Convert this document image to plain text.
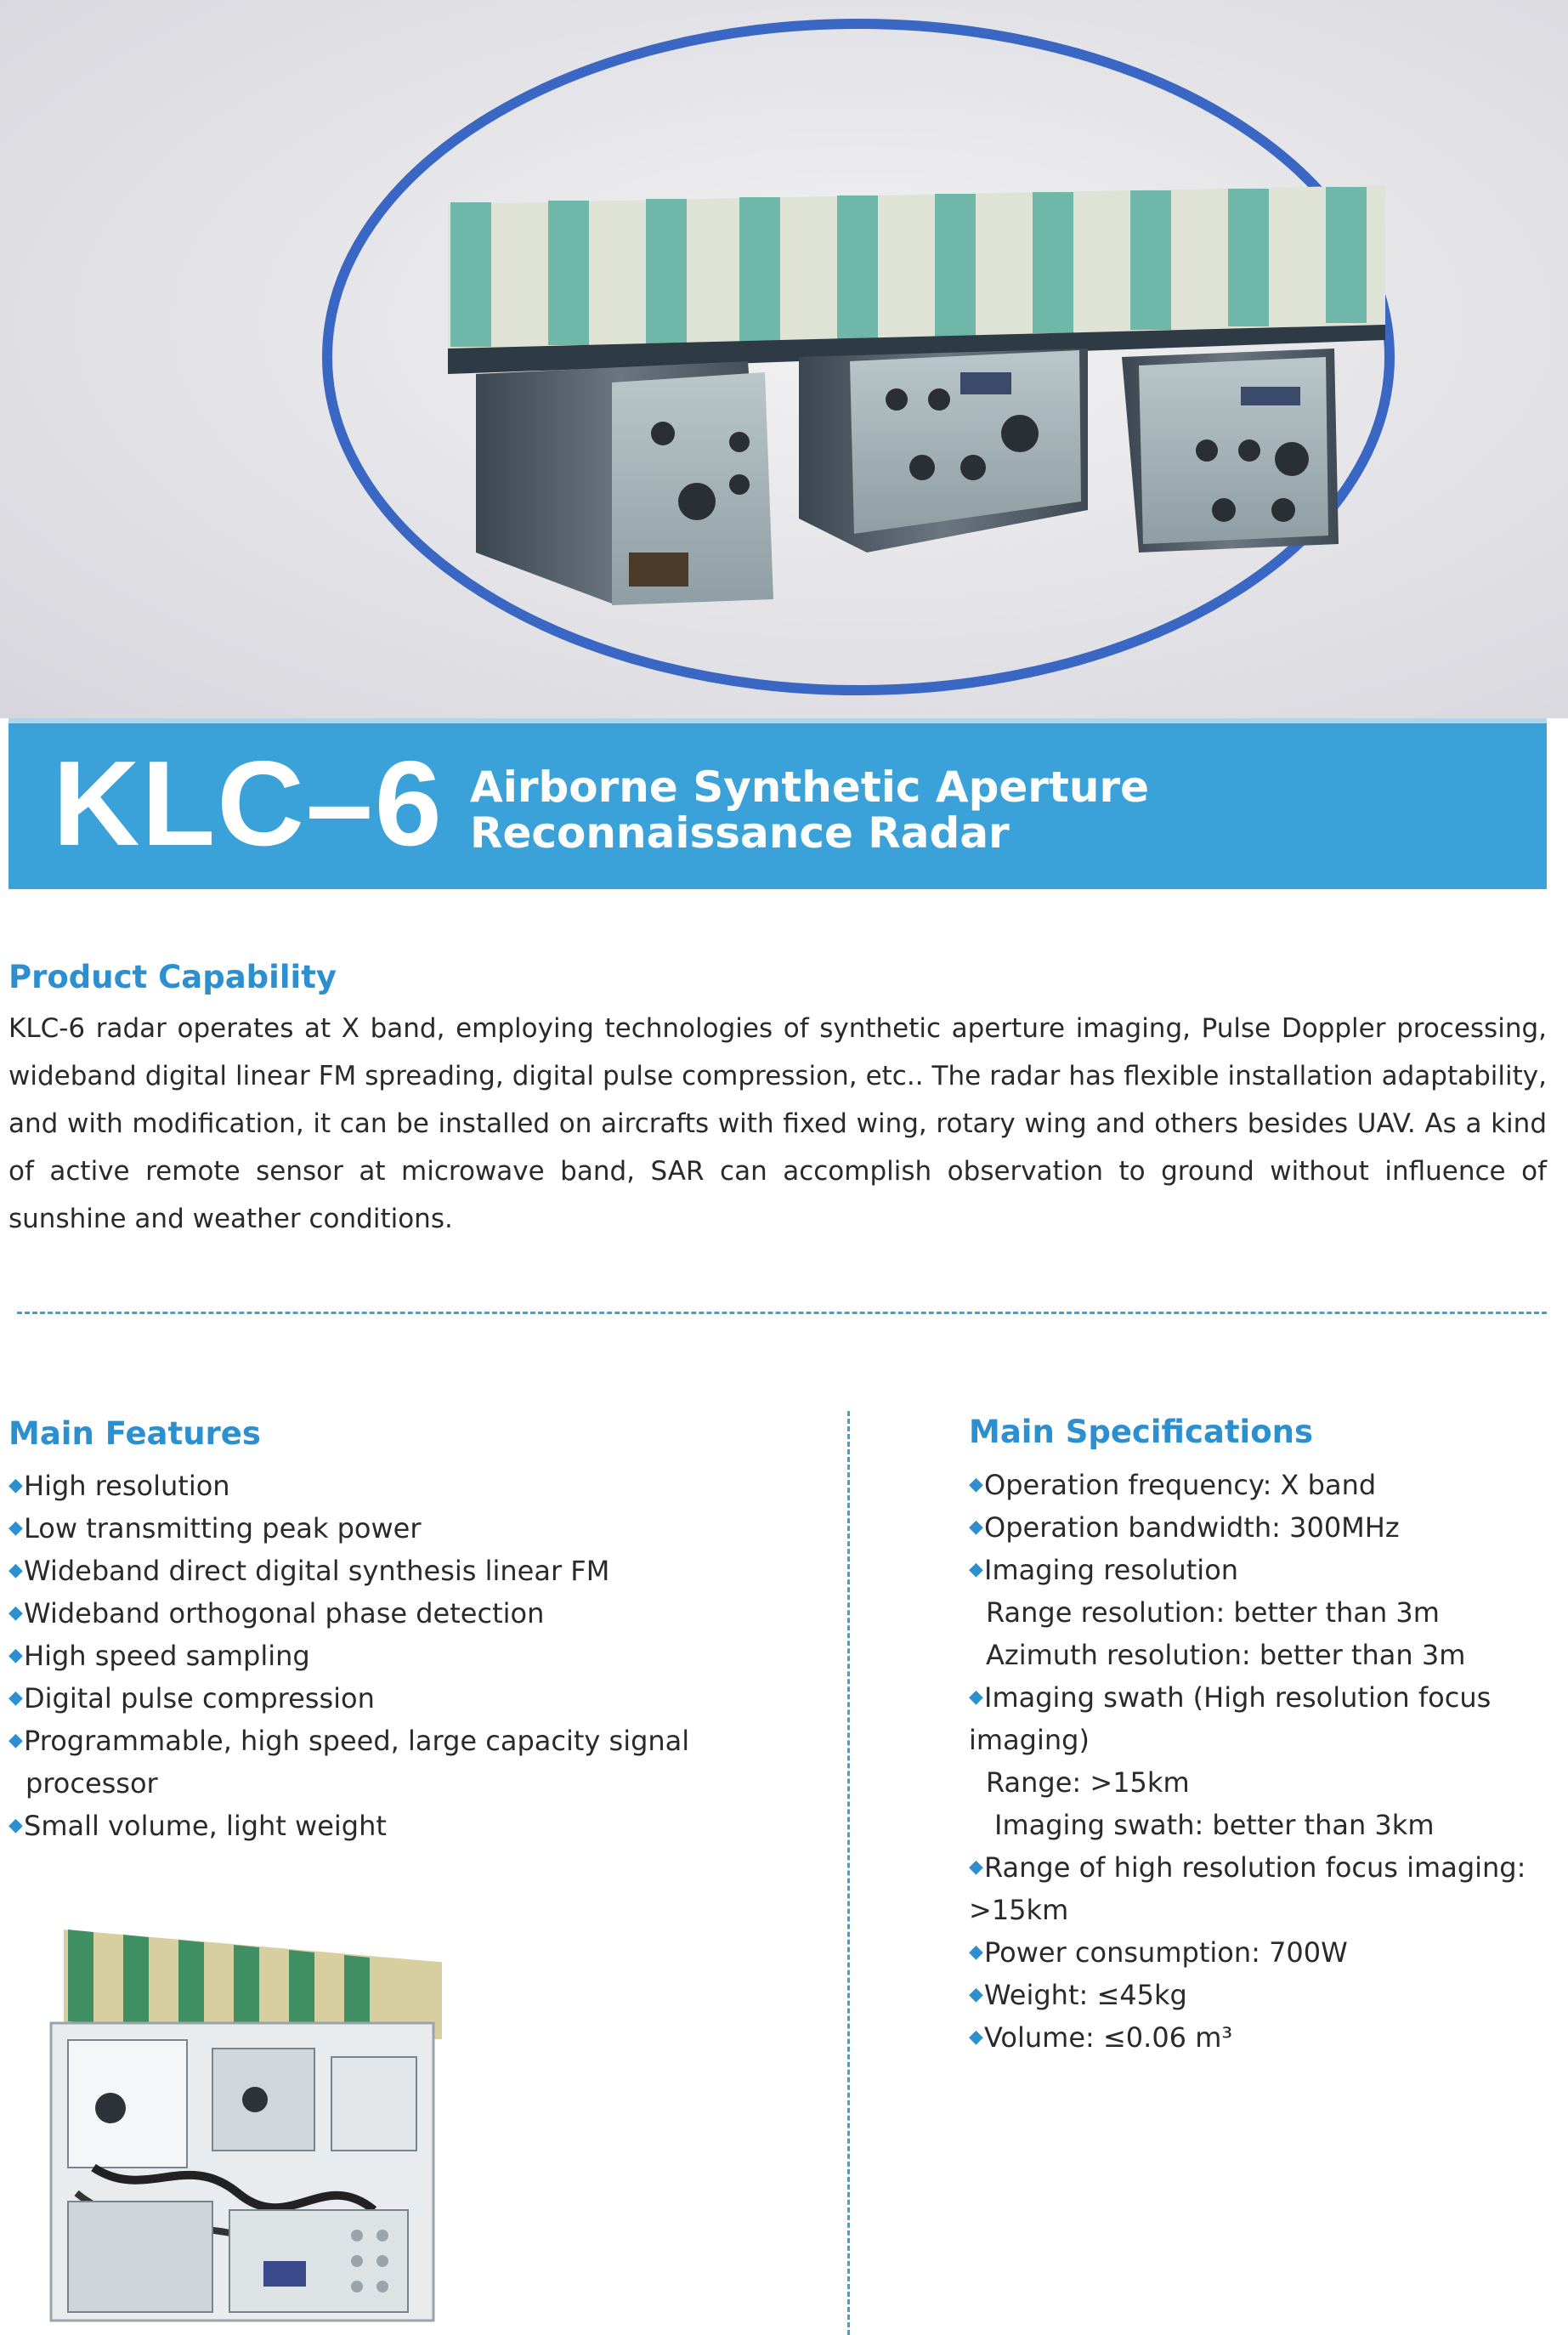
KLC–6 Airborne Synthetic Aperture
Reconnaissance Radar
Product Capability
KLC-6 radar operates at X band, employing technologies of synthetic aperture imaging, Pulse Doppler processing, wideband digital linear FM spreading, digital pulse compression, etc.. The radar has flexible installation adaptability, and with modification, it can be installed on aircrafts with fixed wing, rotary wing and others besides UAV. As a kind of active remote sensor at microwave band, SAR can accomplish observation to ground without influence of sunshine and weather conditions.
Main Features
◆ High resolution
◆ Low transmitting peak power
◆ Wideband direct digital synthesis linear FM
◆ Wideband orthogonal phase detection
◆ High speed sampling
◆ Digital pulse compression
◆ Programmable, high speed, large capacity signal
processor
◆ Small volume, light weight
Main Specifications
◆ Operation frequency: X band
◆ Operation bandwidth: 300MHz
◆ Imaging resolution
Range resolution: better than 3m
Azimuth resolution: better than 3m
◆ Imaging swath (High resolution focus
imaging)
Range: >15km
Imaging swath: better than 3km
◆ Range of high resolution focus imaging:
>15km
◆ Power consumption: 700W
◆ Weight: ≤45kg
◆ Volume: ≤0.06 m³
